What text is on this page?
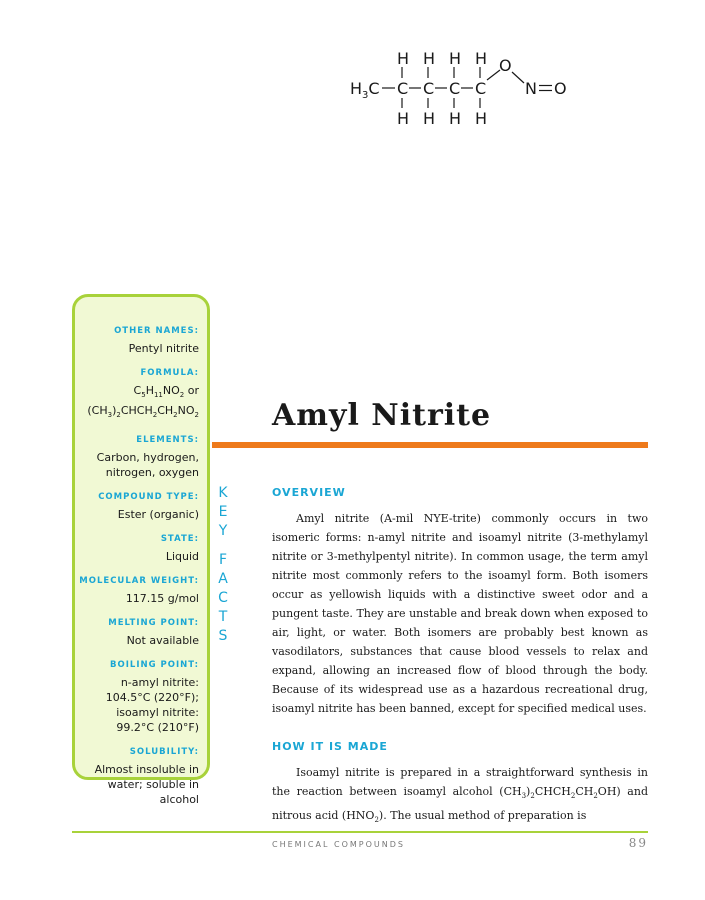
H H H H
$H_3C$ C C C C
O
N O
H H H H
OTHER NAMES:
Pentyl nitrite
FORMULA:
$C_5H_{11}NO_2$ or
$(CH_3)_2CHCH_2CH_2NO_2$
ELEMENTS:
Carbon, hydrogen, nitrogen, oxygen
COMPOUND TYPE:
Ester (organic)
STATE:
Liquid
MOLECULAR WEIGHT:
117.15 g/mol
MELTING POINT:
Not available
BOILING POINT:
n-amyl nitrite: 104.5°C (220°F); isoamyl nitrite: 99.2°C (210°F)
SOLUBILITY:
Almost insoluble in water; soluble in alcohol
K
E
Y
F
A
C
T
S
Amyl Nitrite
OVERVIEW

Amyl nitrite (A-mil NYE-trite) commonly occurs in two isomeric forms: n-amyl nitrite and isoamyl nitrite (3-methylamyl nitrite or 3-methylpentyl nitrite). In common usage, the term amyl nitrite most commonly refers to the isoamyl form. Both isomers occur as yellowish liquids with a distinctive sweet odor and a pungent taste. They are unstable and break down when exposed to air, light, or water. Both isomers are probably best known as vasodilators, substances that cause blood vessels to relax and expand, allowing an increased flow of blood through the body. Because of its widespread use as a hazardous recreational drug, isoamyl nitrite has been banned, except for specified medical uses.

HOW IT IS MADE

Isoamyl nitrite is prepared in a straightforward synthesis in the reaction between isoamyl alcohol $(CH_3)_2CHCH_2CH_2OH$) and nitrous acid $(HNO_2)$. The usual method of preparation is

CHEMICAL COMPOUNDS	89
